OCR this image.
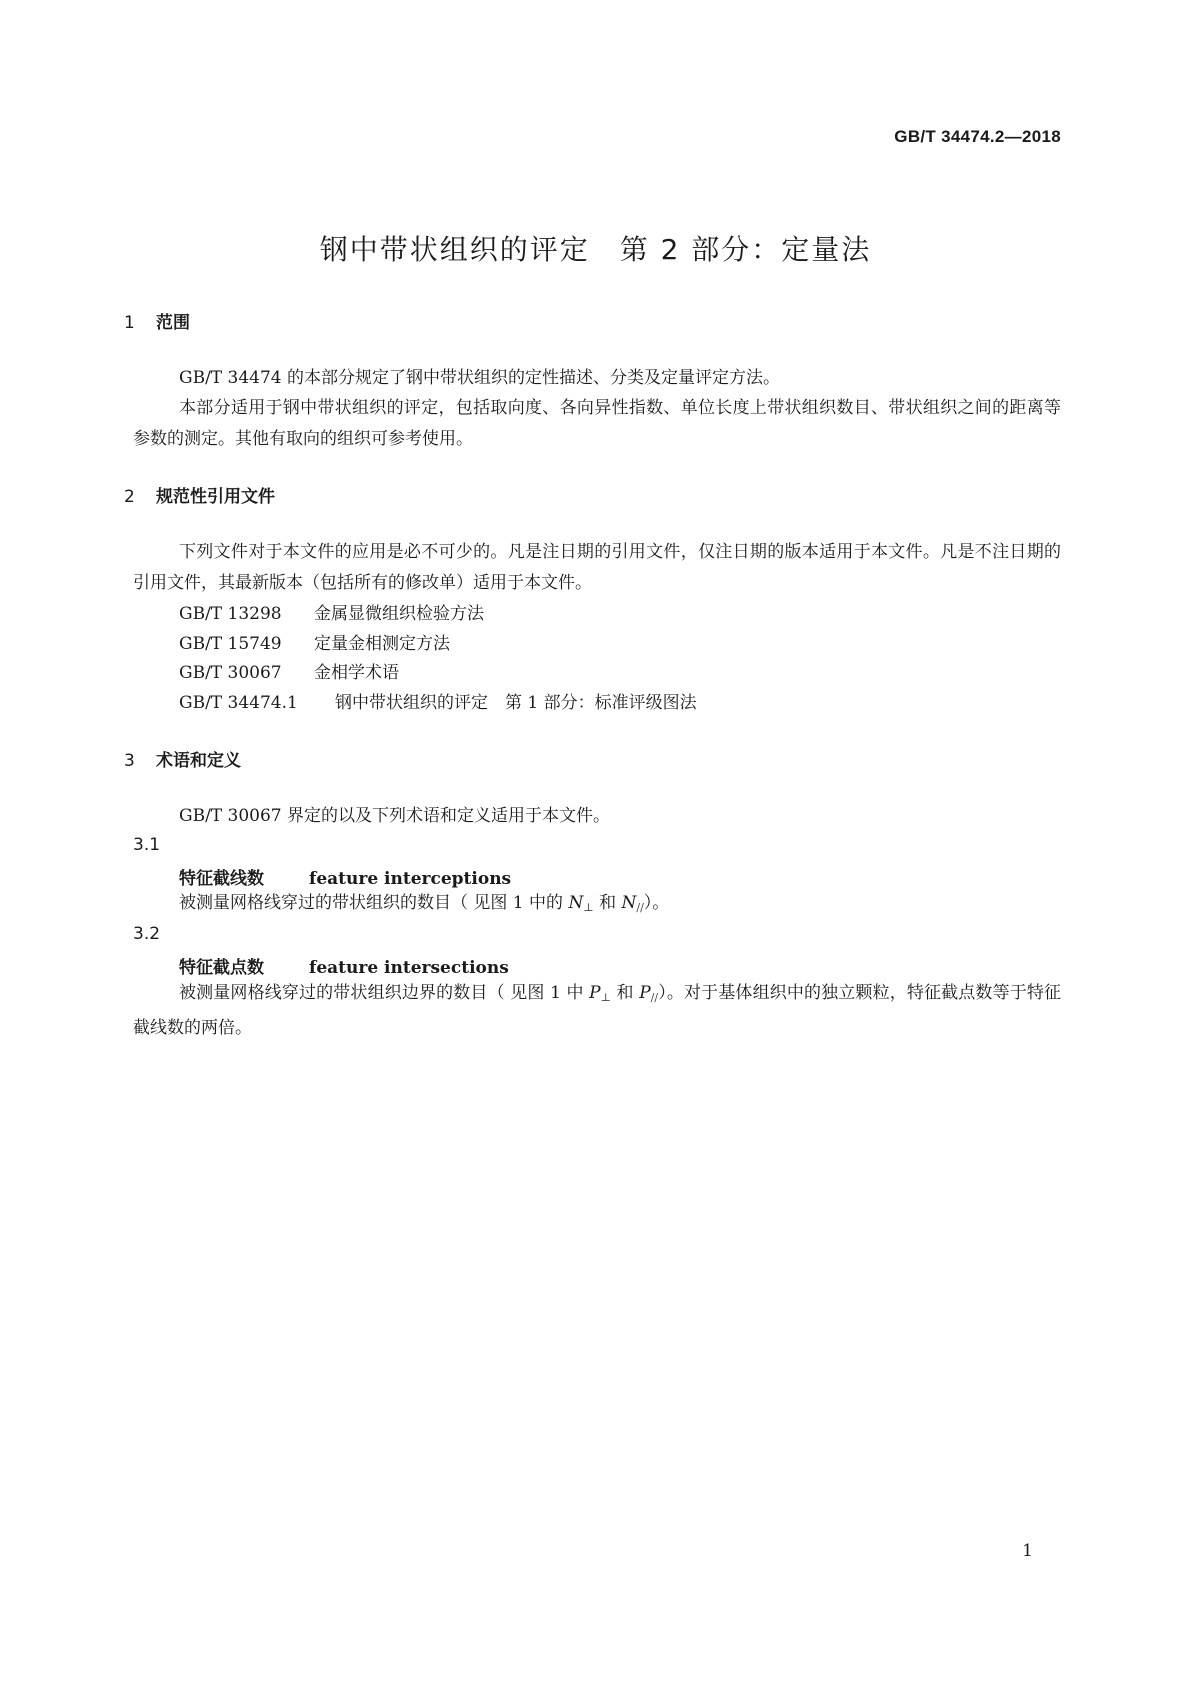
GB/T 34474.2—2018
钢中带状组织的评定　第 2 部分：定量法
1 范围
GB/T 34474 的本部分规定了钢中带状组织的定性描述、分类及定量评定方法。
本部分适用于钢中带状组织的评定，包括取向度、各向异性指数、单位长度上带状组织数目、带状组织之间的距离等参数的测定。其他有取向的组织可参考使用。
2 规范性引用文件
下列文件对于本文件的应用是必不可少的。凡是注日期的引用文件，仅注日期的版本适用于本文件。凡是不注日期的引用文件，其最新版本（包括所有的修改单）适用于本文件。
GB/T 13298 金属显微组织检验方法
GB/T 15749 定量金相测定方法
GB/T 30067 金相学术语
GB/T 34474.1 钢中带状组织的评定　第 1 部分：标准评级图法
3 术语和定义
GB/T 30067 界定的以及下列术语和定义适用于本文件。
3.1
特征截线数	feature interceptions
被测量网格线穿过的带状组织的数目（ 见图 1 中的 $N_\perp$ 和 $N_{//}$）。
3.2
特征截点数	feature intersections
被测量网格线穿过的带状组织边界的数目（ 见图 1 中 $P_\perp$ 和 $P_{//}$）。对于基体组织中的独立颗粒，特征截点数等于特征截线数的两倍。
1
